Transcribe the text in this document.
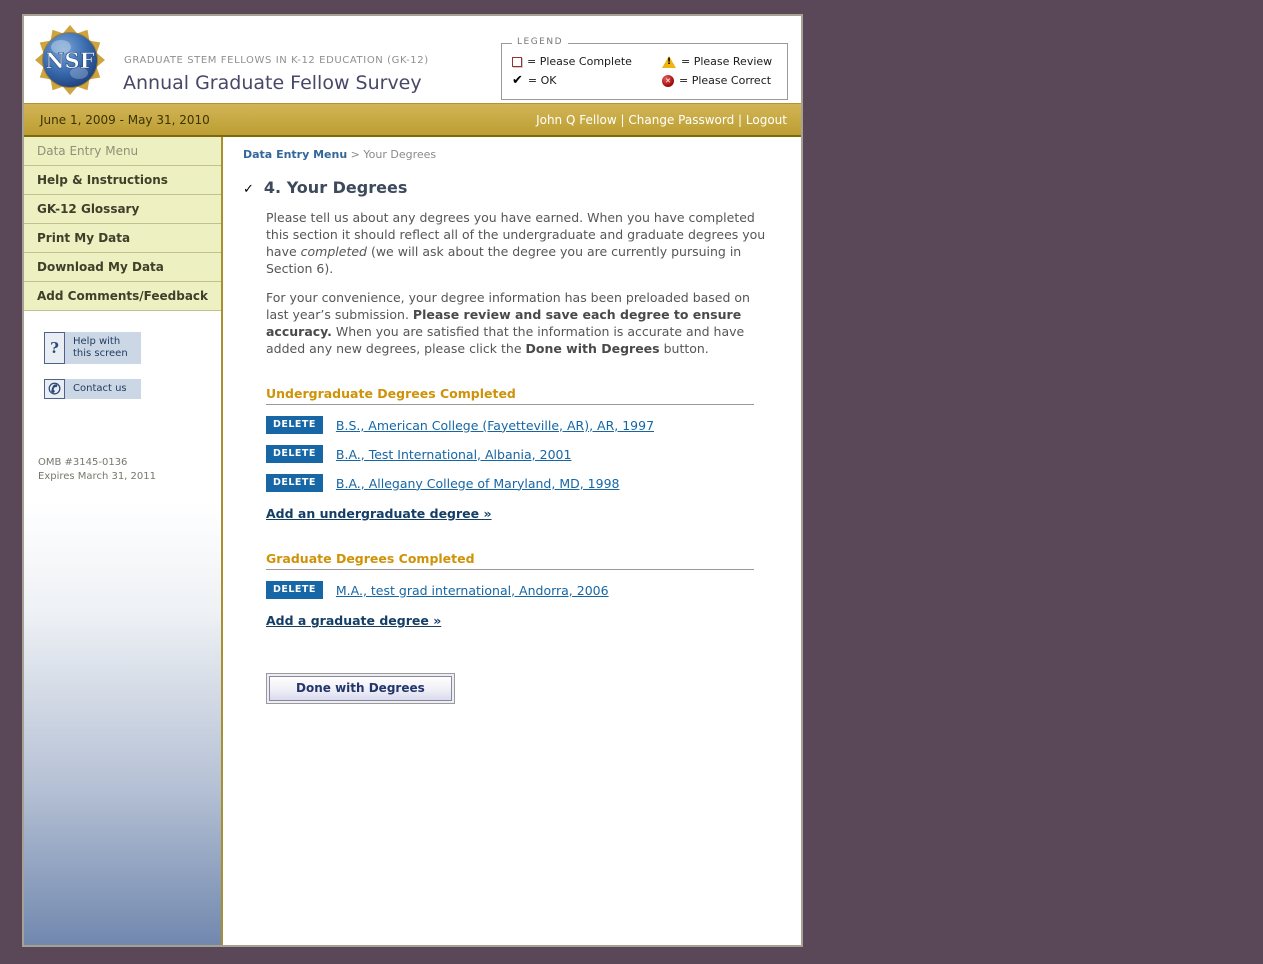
NSF	GRADUATE STEM FELLOWS IN K-12 EDUCATION (GK-12)
Annual Graduate Fellow Survey
LEGEND
= Please Complete !	= Please Review
✔ = OK	✕ = Please Correct
June 1, 2009 - May 31, 2010	John Q Fellow | Change Password | Logout
Data Entry Menu
Help & Instructions
GK-12 Glossary
Print My Data
Download My Data
Add Comments/Feedback
?	Help with
this screen
✆	Contact us
OMB #3145-0136
Expires March 31, 2011
Data Entry Menu > Your Degrees
✓ 4. Your Degrees

Please tell us about any degrees you have earned. When you have completed this section it should reflect all of the undergraduate and graduate degrees you have completed (we will ask about the degree you are currently pursuing in Section 6).

For your convenience, your degree information has been preloaded based on last year’s submission. Please review and save each degree to ensure accuracy. When you are satisfied that the information is accurate and have added any new degrees, please click the Done with Degrees button.

Undergraduate Degrees Completed
DELETE	B.S., American College (Fayetteville, AR), AR, 1997
DELETE	B.A., Test International, Albania, 2001
DELETE	B.A., Allegany College of Maryland, MD, 1998
Add an undergraduate degree »
Graduate Degrees Completed
DELETE	M.A., test grad international, Andorra, 2006
Add a graduate degree »
Done with Degrees
